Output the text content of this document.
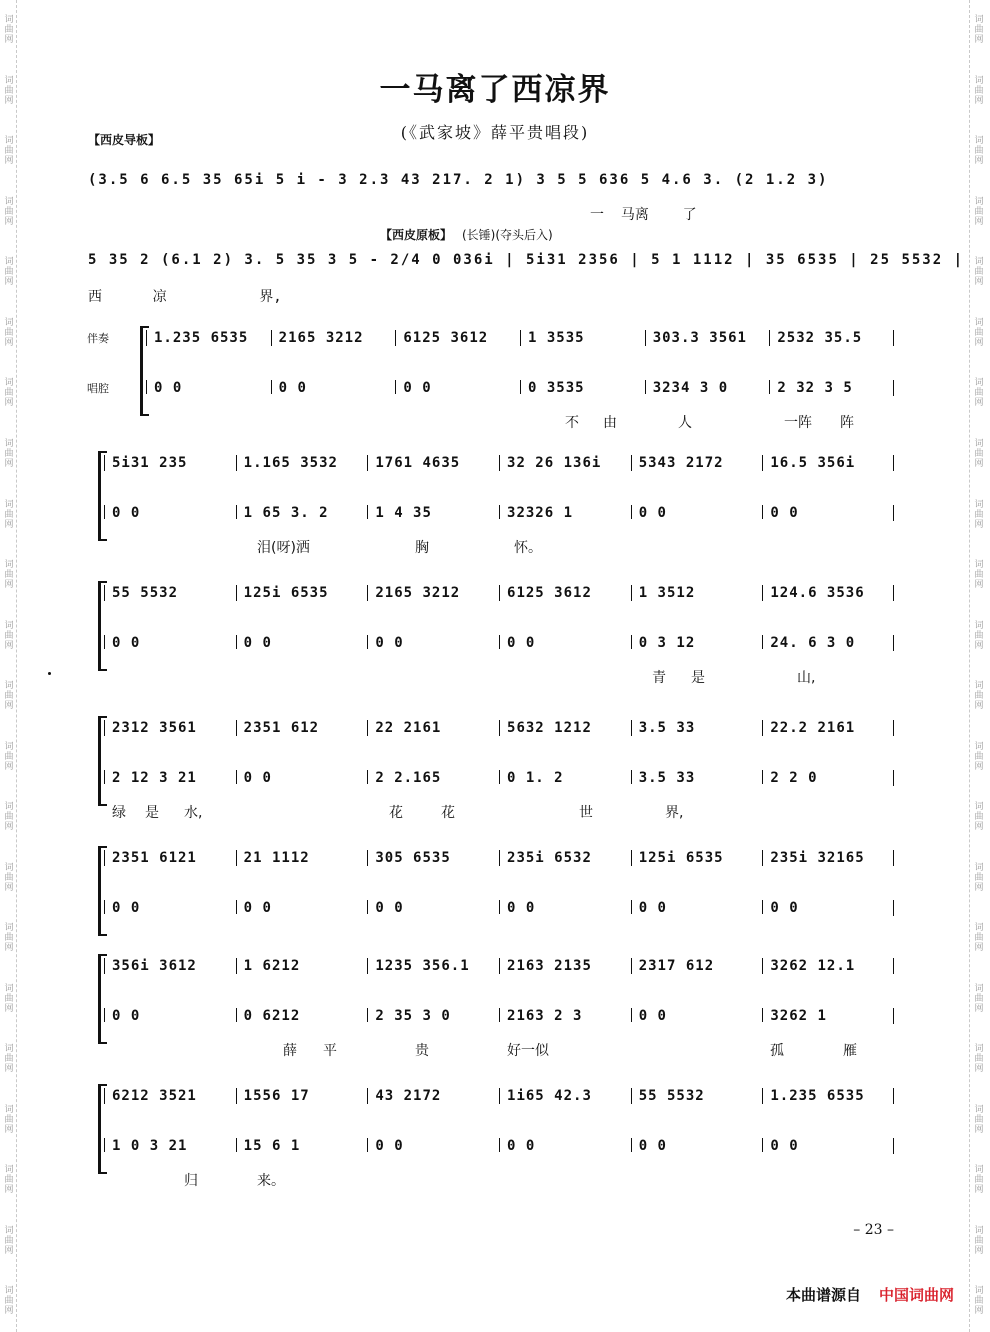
词
曲
网
词
曲
网
词
曲
网
词
曲
网
词
曲
网
词
曲
网
词
曲
网
词
曲
网
词
曲
网
词
曲
网
词
曲
网
词
曲
网
词
曲
网
词
曲
网
词
曲
网
词
曲
网
词
曲
网
词
曲
网
词
曲
网
词
曲
网
词
曲
网
词
曲
网
词
曲
网
词
曲
网
词
曲
网
词
曲
网
词
曲
网
词
曲
网
词
曲
网
词
曲
网
词
曲
网
词
曲
网
词
曲
网
词
曲
网
词
曲
网
词
曲
网
词
曲
网
词
曲
网
词
曲
网
词
曲
网
词
曲
网
词
曲
网
词
曲
网
词
曲
网
一马离了西凉界
(《武家坡》薛平贵唱段)
【西皮导板】
(3.5 6 6.5 35 65i 5 i - 3 2.3 43 217. 2 1) 3 5 5 636 5 4.6 3. (2 1.2 3)
一  马离    了
【西皮原板】 (长锤)(夺头后入)
5 35 2 (6.1 2) 3. 5 35 3 5 - 2/4 0 036i | 5i31 2356 | 5 1 1112 | 35 6535 | 25 5532 |
西      凉           界,
伴奏
唱腔
1.235 6535	2165 3212	6125 3612	1 3535	303.3 3561	2532 35.5
0 0	0 0	0 0	0 3535	3234 3 0	2 32 3 5
不 由	人	一阵 阵
5i31 235	1.165 3532	1761 4635	32 26 136i	5343 2172	16.5 356i
0 0	1 65 3. 2	1 4 35	32326 1	0 0	0 0
泪(呀)洒	胸	怀。
55 5532	125i 6535	2165 3212	6125 3612	1 3512	124.6 3536
0 0	0 0	0 0	0 0	0 3 12	24. 6 3 0
青 是	山,
2312 3561	2351 612	22 2161	5632 1212	3.5 33	22.2 2161
2 12 3 21	0 0	2 2.165	0 1. 2	3.5 33	2 2 0
绿 是 水,	花	花	世	界,
2351 6121	21 1112	305 6535	235i 6532	125i 6535	235i 32165
0 0	0 0	0 0	0 0	0 0	0 0
356i 3612	1 6212	1235 356.1	2163 2135	2317 612	3262 12.1
0 0	0 6212	2 35 3 0	2163 2 3	0 0	3262 1
薛 平	贵	好一似	孤	雁
6212 3521	1556 17	43 2172	1i65 42.3	55 5532	1.235 6535
1 0 3 21	15 6 1	0 0	0 0	0 0	0 0
归	来。
– 23 –
本曲谱源自 中国词曲网
